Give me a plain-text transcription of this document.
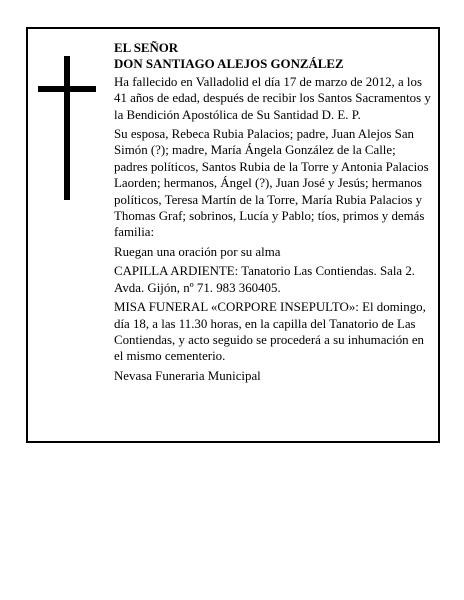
EL SEÑOR

DON SANTIAGO ALEJOS GONZÁLEZ

Ha fallecido en Valladolid el día 17 de marzo de 2012, a los 41 años de edad, después de recibir los Santos Sacramentos y la Bendición Apostólica de Su Santidad D. E. P.

Su esposa, Rebeca Rubia Palacios; padre, Juan Alejos San Simón (?); madre, María Ángela González de la Calle; padres políticos, Santos Rubia de la Torre y Antonia Palacios Laorden; hermanos, Ángel (?), Juan José y Jesús; hermanos políticos, Teresa Martín de la Torre, María Rubia Palacios y Thomas Graf; sobrinos, Lucía y Pablo; tíos, primos y demás familia:

Ruegan una oración por su alma

CAPILLA ARDIENTE: Tanatorio Las Contiendas. Sala 2. Avda. Gijón, nº 71. 983 360405.

MISA FUNERAL «CORPORE INSEPULTO»: El domingo, día 18, a las 11.30 horas, en la capilla del Tanatorio de Las Contiendas, y acto seguido se procederá a su inhumación en el mismo cementerio.

Nevasa Funeraria Municipal
